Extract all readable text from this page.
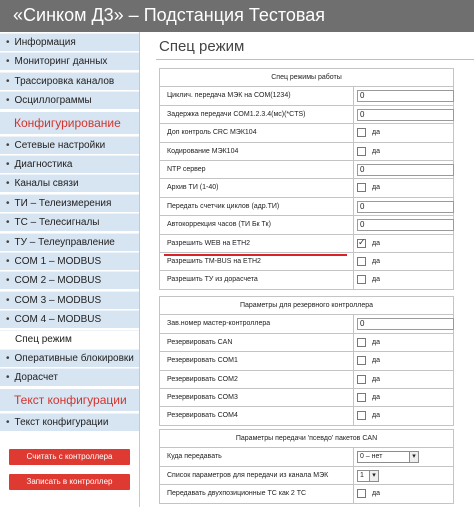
«Синком Д3» – Подстанция Тестовая
• Информация
• Мониторинг данных
• Трассировка каналов
• Осциллограммы
Конфигурирование
• Сетевые настройки
• Диагностика
• Каналы связи
• ТИ – Телеизмерения
• ТС – Телесигналы
• ТУ – Телеуправление
• COM 1 – MODBUS
• COM 2 – MODBUS
• COM 3 – MODBUS
• COM 4 – MODBUS
Спец режим
• Оперативные блокировки
• Дорасчет
Текст конфигурации
• Текст конфигурации
Считать с контроллера
Записать в контроллер
Спец режим
Спец режимы работы
Циклич. передача МЭК на COM(1234)	0
Задержка передачи COM1.2.3.4(мс)(*CTS)	0
Доп контроль CRC МЭК104	да
Кодирование МЭК104	да
NTP сервер	0
Архив ТИ (1-40)	да
Передать счетчик циклов (адр.ТИ)	0
Автокоррекция часов (ТИ Бк Тк)	0
Разрешить WEB на ETH2 ✓	да
Разрешить TM-BUS на ETH2	да
Разрешить ТУ из дорасчета	да
Параметры для резервного контроллера
Зав.номер мастер-контроллера	0
Резервировать CAN	да
Резервировать COM1	да
Резервировать COM2	да
Резервировать COM3	да
Резервировать COM4	да
Параметры передачи 'псевдо' пакетов CAN
Куда передавать	0 – нет	▾
Список параметров для передачи из канала МЭК	1	▾
Передавать двухпозиционные ТС как 2 ТС	да
